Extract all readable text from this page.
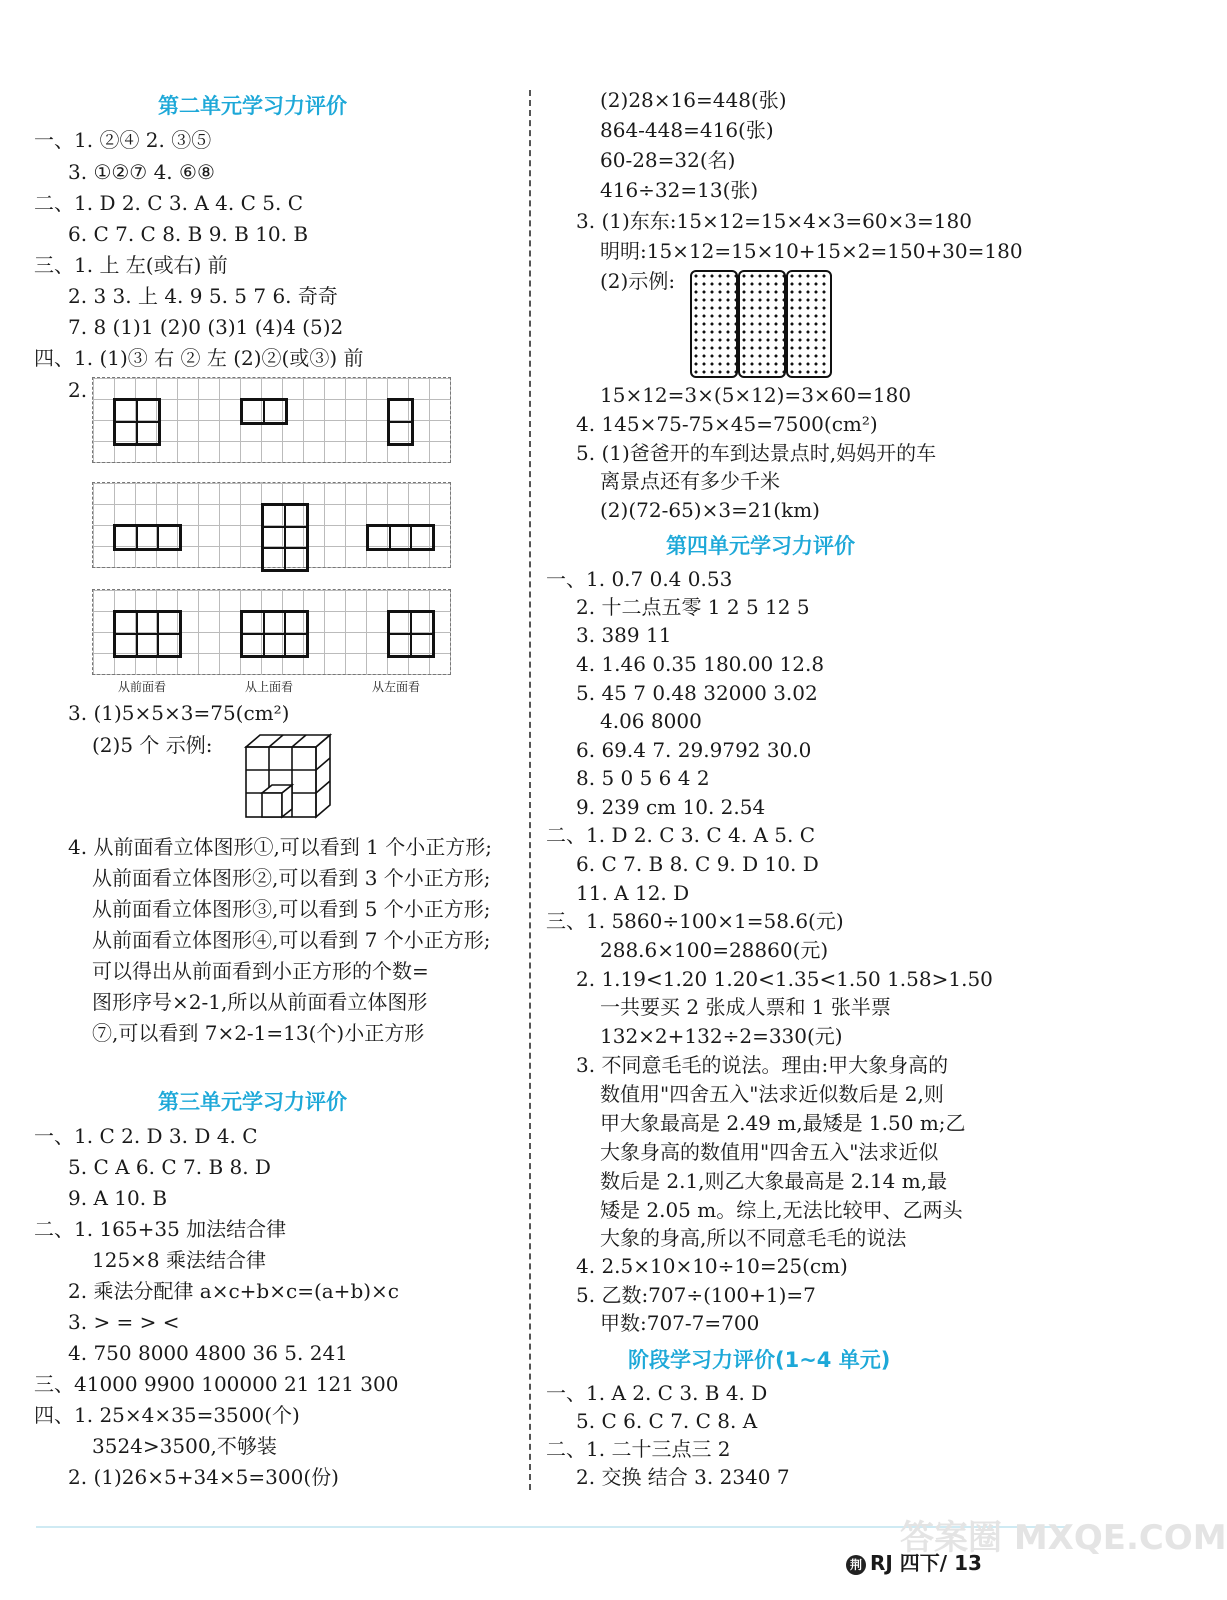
第二单元学习力评价
一、1. ②④ 2. ③⑤
3. ①②⑦ 4. ⑥⑧
二、1. D 2. C 3. A 4. C 5. C
6. C 7. C 8. B 9. B 10. B
三、1. 上 左(或右) 前
2. 3 3. 上 4. 9 5. 5 7 6. 奇奇
7. 8 (1)1 (2)0 (3)1 (4)4 (5)2
四、1. (1)③ 右 ② 左 (2)②(或③) 前
2.
从前面看	从上面看	从左面看
3. (1)5×5×3=75(cm²)
(2)5 个 示例:
4. 从前面看立体图形①,可以看到 1 个小正方形;
从前面看立体图形②,可以看到 3 个小正方形;
从前面看立体图形③,可以看到 5 个小正方形;
从前面看立体图形④,可以看到 7 个小正方形;
可以得出从前面看到小正方形的个数=
图形序号×2-1,所以从前面看立体图形
⑦,可以看到 7×2-1=13(个)小正方形
第三单元学习力评价
一、1. C 2. D 3. D 4. C
5. C A 6. C 7. B 8. D
9. A 10. B
二、1. 165+35 加法结合律
125×8 乘法结合律
2. 乘法分配律 a×c+b×c=(a+b)×c
3. > = > <
4. 750 8000 4800 36 5. 241
三、41000 9900 100000 21 121 300
四、1. 25×4×35=3500(个)
3524>3500,不够装
2. (1)26×5+34×5=300(份)
(2)28×16=448(张)
864-448=416(张)
60-28=32(名)
416÷32=13(张)
3. (1)东东:15×12=15×4×3=60×3=180
明明:15×12=15×10+15×2=150+30=180
(2)示例:
15×12=3×(5×12)=3×60=180
4. 145×75-75×45=7500(cm²)
5. (1)爸爸开的车到达景点时,妈妈开的车
离景点还有多少千米
(2)(72-65)×3=21(km)
第四单元学习力评价
一、1. 0.7 0.4 0.53
2. 十二点五零 1 2 5 12 5
3. 389 11
4. 1.46 0.35 180.00 12.8
5. 45 7 0.48 32000 3.02
4.06 8000
6. 69.4 7. 29.9792 30.0
8. 5 0 5 6 4 2
9. 239 cm 10. 2.54
二、1. D 2. C 3. C 4. A 5. C
6. C 7. B 8. C 9. D 10. D
11. A 12. D
三、1. 5860÷100×1=58.6(元)
288.6×100=28860(元)
2. 1.19<1.20 1.20<1.35<1.50 1.58>1.50
一共要买 2 张成人票和 1 张半票
132×2+132÷2=330(元)
3. 不同意毛毛的说法。理由:甲大象身高的
数值用"四舍五入"法求近似数后是 2,则
甲大象最高是 2.49 m,最矮是 1.50 m;乙
大象身高的数值用"四舍五入"法求近似
数后是 2.1,则乙大象最高是 2.14 m,最
矮是 2.05 m。综上,无法比较甲、乙两头
大象的身高,所以不同意毛毛的说法
4. 2.5×10×10÷10=25(cm)
5. 乙数:707÷(100+1)=7
甲数:707-7=700
阶段学习力评价(1~4 单元)
一、1. A 2. C 3. B 4. D
5. C 6. C 7. C 8. A
二、1. 二十三点三 2
2. 交换 结合 3. 2340 7
答案圈 MXQE.COM
荆 RJ 四下/ 13
